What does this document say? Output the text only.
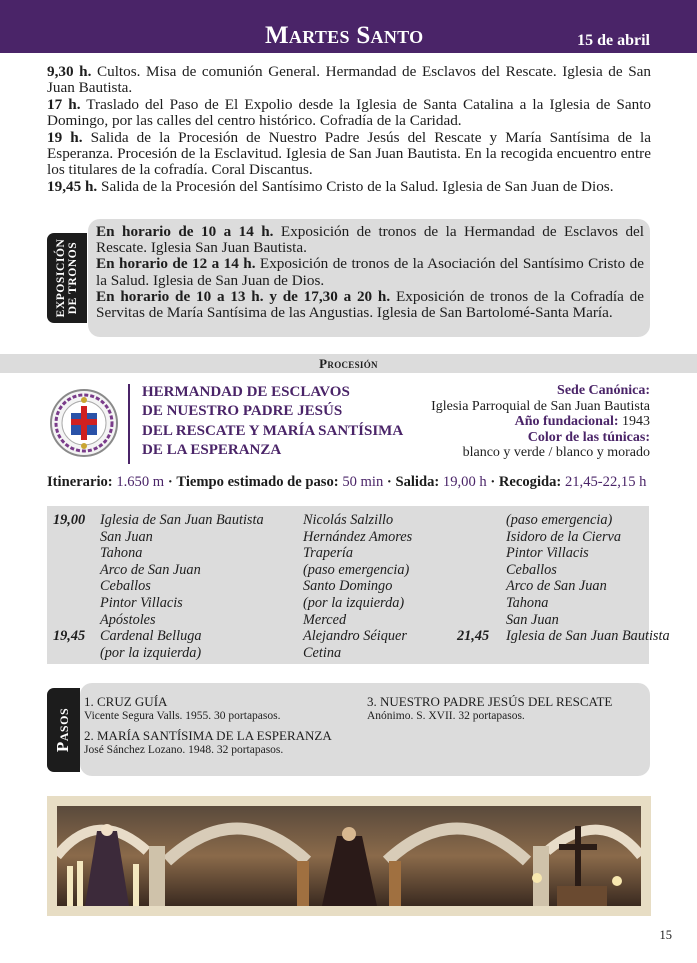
Martes Santo	15 de abril

9,30 h. Cultos. Misa de comunión General. Hermandad de Esclavos del Rescate. Iglesia de San Juan Bautista.

17 h. Traslado del Paso de El Expolio desde la Iglesia de Santa Catalina a la Iglesia de Santo Domingo, por las calles del centro histórico. Cofradía de la Caridad.

19 h. Salida de la Procesión de Nuestro Padre Jesús del Rescate y María Santísima de la Esperanza. Procesión de la Esclavitud. Iglesia de San Juan Bautista. En la recogida encuentro entre los titulares de la cofradía. Coral Discantus.

19,45 h. Salida de la Procesión del Santísimo Cristo de la Salud. Iglesia de San Juan de Dios.

EXPOSICIÓN DE TRONOS

En horario de 10 a 14 h. Exposición de tronos de la Hermandad de Esclavos del Rescate. Iglesia San Juan Bautista.

En horario de 12 a 14 h. Exposición de tronos de la Asociación del Santísimo Cristo de la Salud. Iglesia de San Juan de Dios.

En horario de 10 a 13 h. y de 17,30 a 20 h. Exposición de tronos de la Cofradía de Servitas de María Santísima de las Angustias. Iglesia de San Bartolomé-Santa María.

Procesión
HERMANDAD DE ESCLAVOS
DE NUESTRO PADRE JESÚS
DEL RESCATE Y MARÍA SANTÍSIMA
DE LA ESPERANZA
Sede Canónica:
Iglesia Parroquial de San Juan Bautista
Año fundacional: 1943
Color de las túnicas:
blanco y verde / blanco y morado
Itinerario: 1.650 m · Tiempo estimado de paso: 50 min · Salida: 19,00 h · Recogida: 21,45-22,15 h
19,00 Iglesia de San Juan Bautista
San Juan
Tahona
Arco de San Juan
Ceballos
Pintor Villacis
Apóstoles
19,45 Cardenal Belluga
(por la izquierda)
Nicolás Salzillo
Hernández Amores
Trapería
(paso emergencia)
Santo Domingo
(por la izquierda)
Merced
Alejandro Séiquer
Cetina
(paso emergencia)
Isidoro de la Cierva
Pintor Villacis
Ceballos
Arco de San Juan
Tahona
San Juan
21,45 Iglesia de San Juan Bautista
Pasos
1. CRUZ GUÍA
Vicente Segura Valls. 1955. 30 portapasos.
2. MARÍA SANTÍSIMA DE LA ESPERANZA
José Sánchez Lozano. 1948. 32 portapasos.
3. NUESTRO PADRE JESÚS DEL RESCATE
Anónimo. S. XVII. 32 portapasos.
15
